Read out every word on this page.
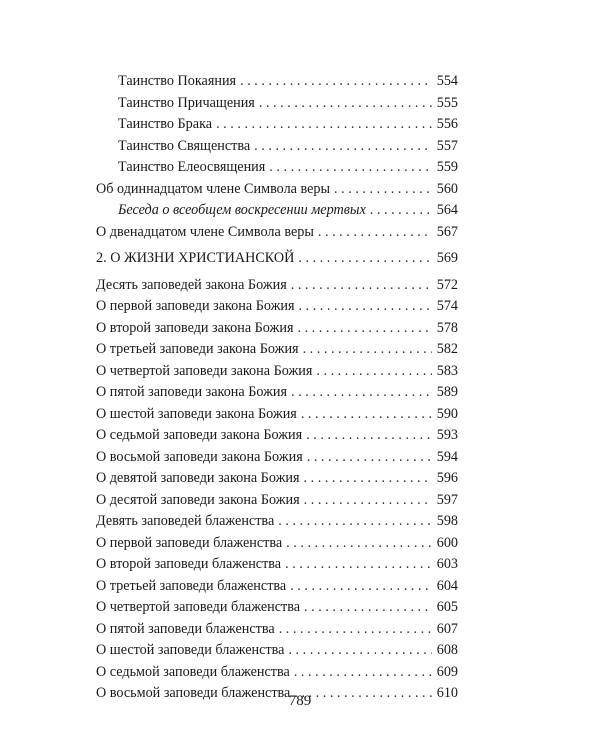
Таинство Покаяния . . .	554
Таинство Причащения . . .	555
Таинство Брака . . .	556
Таинство Священства . . .	557
Таинство Елеосвящения . . .	559
Об одиннадцатом члене Символа веры . . .	560
Беседа о всеобщем воскресении мертвых . . .	564
О двенадцатом члене Символа веры . . .	567
2. О ЖИЗНИ ХРИСТИАНСКОЙ . . .	569
Десять заповедей закона Божия . . .	572
О первой заповеди закона Божия . . .	574
О второй заповеди закона Божия . . .	578
О третьей заповеди закона Божия . . .	582
О четвертой заповеди закона Божия . . .	583
О пятой заповеди закона Божия . . .	589
О шестой заповеди закона Божия . . .	590
О седьмой заповеди закона Божия . . .	593
О восьмой заповеди закона Божия . . .	594
О девятой заповеди закона Божия . . .	596
О десятой заповеди закона Божия . . .	597
Девять заповедей блаженства . . .	598
О первой заповеди блаженства . . .	600
О второй заповеди блаженства . . .	603
О третьей заповеди блаженства . . .	604
О четвертой заповеди блаженства . . .	605
О пятой заповеди блаженства . . .	607
О шестой заповеди блаженства . . .	608
О седьмой заповеди блаженства . . .	609
О восьмой заповеди блаженства . . .	610
789
